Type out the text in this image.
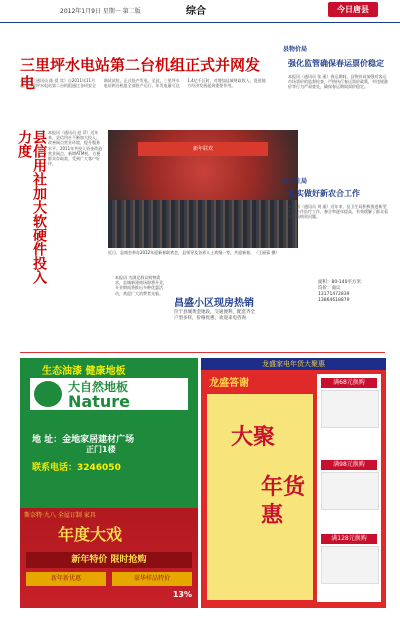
2012年1月9日 星期一 第二版	综合	今日唐县
三里坪水电站第二台机组正式并网发电
本报讯（通讯员 陈 爱 宾）自2011年11月起，三里坪水电站第二台机组通过各项安全调试试验，正式投产发电。至此，三里坪水电站两台机组全部投产运行，年发电量可达1.4亿千瓦时，对增加县域财政收入，促进地方经济发展起到重要作用。
县信用社加大软硬件投入力度	本报讯（通讯员 赵 萍）近年来，县信用社不断加大投入，改善网点营业环境，提升服务水平。2011年共投入资金改造营业网点，新增ATM机，方便群众存取款，受到广大客户好评。
新年联欢
近日，县商会举办2012年迎新春联欢会，县领导及各界人士欢聚一堂，共迎新春。（王丽蓉 摄）
县物价局
强化监管确保春运票价稳定
本报讯（通讯员 张 燕）春运期间，县物价局加强对客运市场票价的监督检查，严格执行春运票价政策，对违规涨价等行为严肃查处，确保春运期间票价稳定。
县卫生局
扎实做好新农合工作
本报讯（通讯员 刘 丽）近年来，县卫生局积极推进新型农村合作医疗工作，参合率逐年提高，有效缓解了群众看病难看病贵问题。
本报讯 为满足群众购物需求，县城新建商场即将开业，开业期间将推出多种优惠活动，欢迎广大消费者光临。
昌盛小区现房热销
位于县城黄金地段，交通便利，配套齐全
户型多样，价格优惠，欢迎来电咨询
面积：80-140平方米
均价：面议
13171472839
13864618879
生态油漆 健康地板
大自然地板
Nature
地 址：金地家居建材广场
正门1楼
联系电话：3246050
斯奈特·九八 全屋订制 家具
年度大戏
新年特价 限时抢购
新年新优惠	豪华样品特价
13%
龙盛家电年货大聚惠
龙盛答谢
大聚
年货惠
满68元换购
满98元换购
满128元换购
